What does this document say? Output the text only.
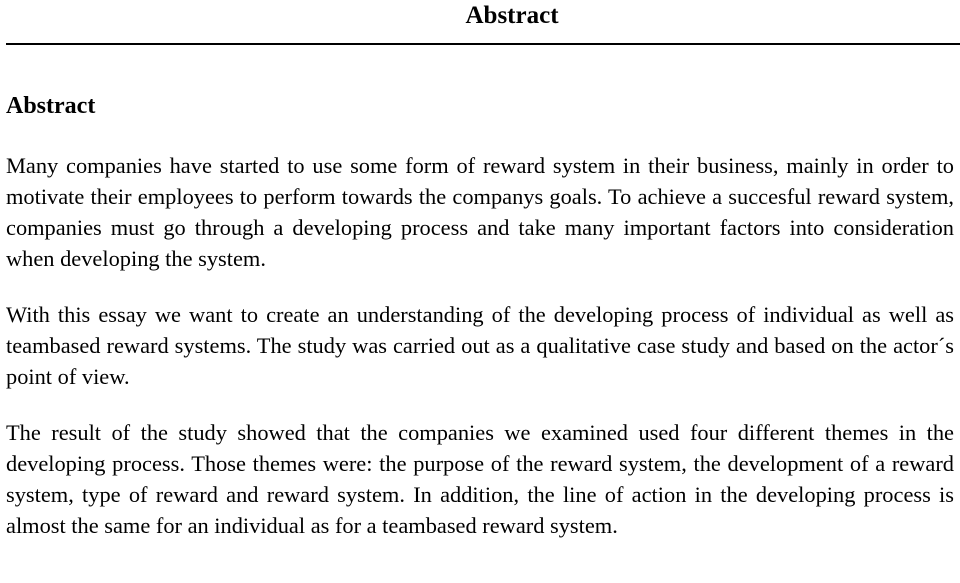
Abstract
Abstract

Many companies have started to use some form of reward system in their business, mainly in order to motivate their employees to perform towards the companys goals. To achieve a succesful reward system, companies must go through a developing process and take many important factors into consideration when developing the system.

With this essay we want to create an understanding of the developing process of individual as well as teambased reward systems. The study was carried out as a qualitative case study and based on the actor´s point of view.

The result of the study showed that the companies we examined used four different themes in the developing process. Those themes were: the purpose of the reward system, the development of a reward system, type of reward and reward system. In addition, the line of action in the developing process is almost the same for an individual as for a teambased reward system.
